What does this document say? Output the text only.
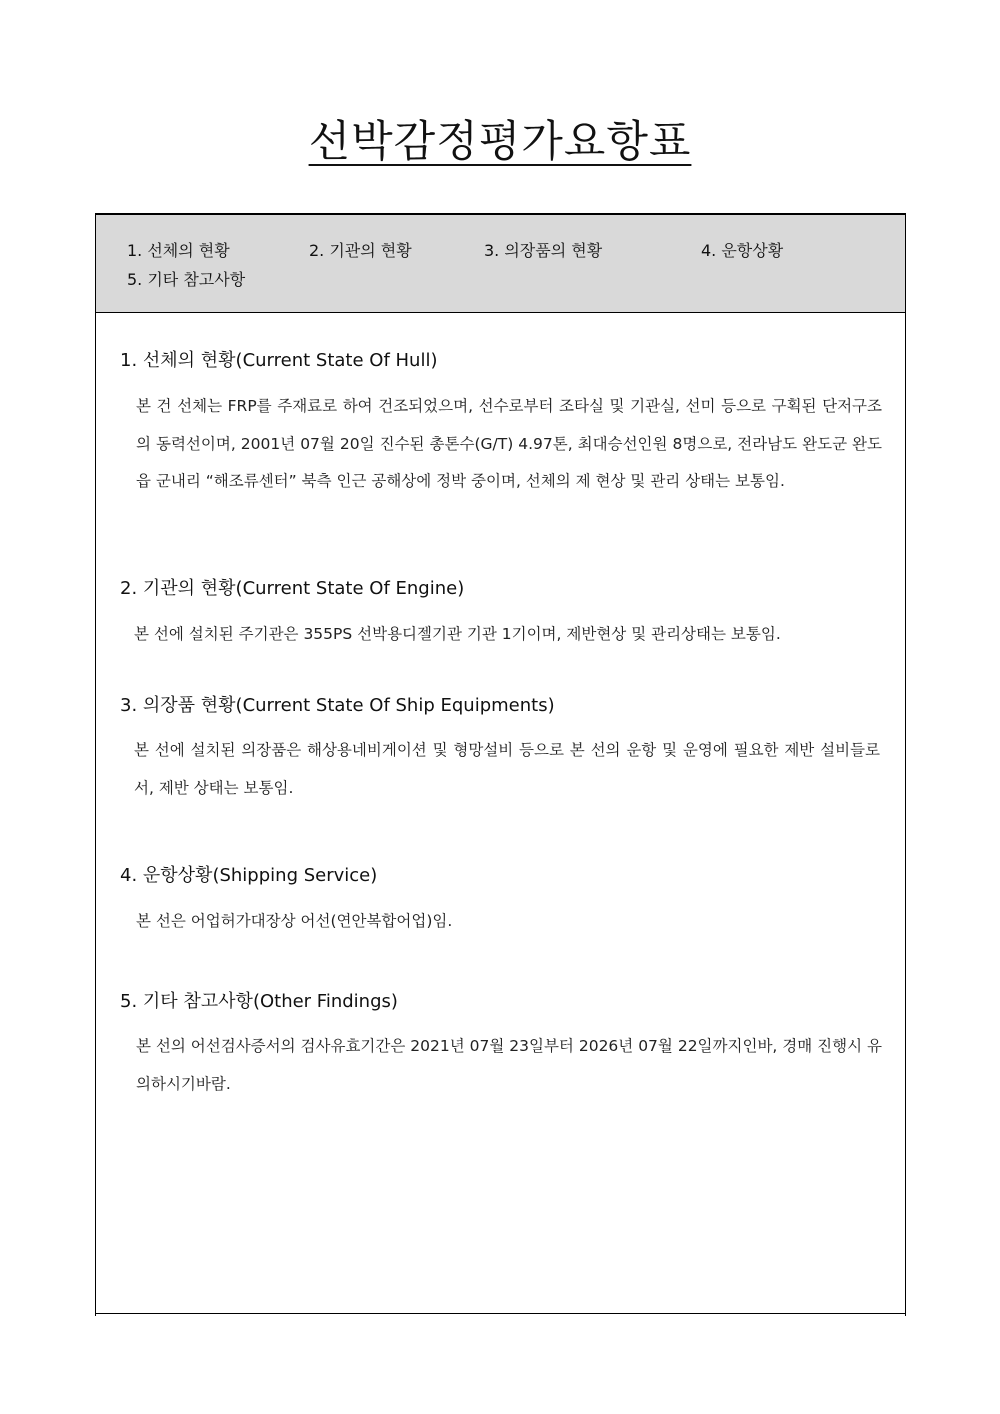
선박감정평가요항표
1. 선체의 현황	2. 기관의 현황	3. 의장품의 현황	4. 운항상황
5. 기타 참고사항
1. 선체의 현황(Current State Of Hull)
본 건 선체는 FRP를 주재료로 하여 건조되었으며, 선수로부터 조타실 및 기관실, 선미 등으로 구획된 단저구조의 동력선이며, 2001년 07월 20일 진수된 총톤수(G/T) 4.97톤, 최대승선인원 8명으로, 전라남도 완도군 완도읍 군내리 “해조류센터” 북측 인근 공해상에 정박 중이며, 선체의 제 현상 및 관리 상태는 보통임.
2. 기관의 현황(Current State Of Engine)
본 선에 설치된 주기관은 355PS 선박용디젤기관 기관 1기이며, 제반현상 및 관리상태는 보통임.
3. 의장품 현황(Current State Of Ship Equipments)
본 선에 설치된 의장품은 해상용네비게이션 및 형망설비 등으로 본 선의 운항 및 운영에 필요한 제반 설비들로서, 제반 상태는 보통임.
4. 운항상황(Shipping Service)
본 선은 어업허가대장상 어선(연안복합어업)임.
5. 기타 참고사항(Other Findings)
본 선의 어선검사증서의 검사유효기간은 2021년 07월 23일부터 2026년 07월 22일까지인바, 경매 진행시 유의하시기바람.
